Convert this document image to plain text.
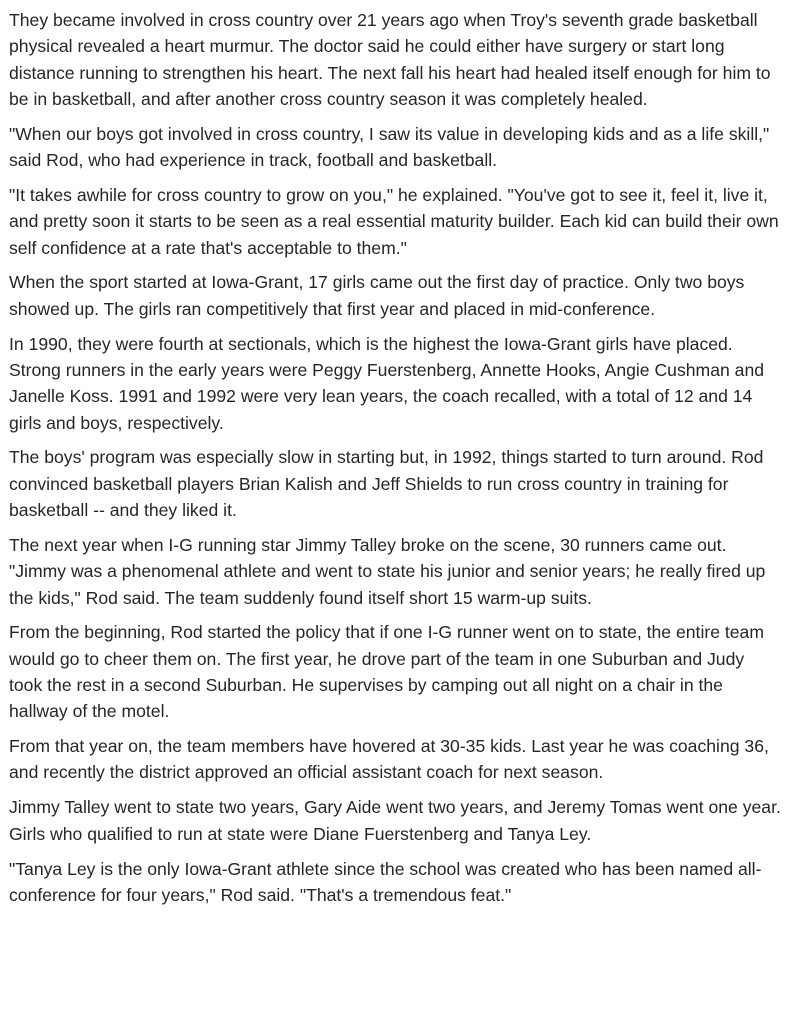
They became involved in cross country over 21 years ago when Troy's seventh grade basketball physical revealed a heart murmur. The doctor said he could either have surgery or start long distance running to strengthen his heart. The next fall his heart had healed itself enough for him to be in basketball, and after another cross country season it was completely healed.

"When our boys got involved in cross country, I saw its value in developing kids and as a life skill," said Rod, who had experience in track, football and basketball.

"It takes awhile for cross country to grow on you," he explained. "You've got to see it, feel it, live it, and pretty soon it starts to be seen as a real essential maturity builder. Each kid can build their own self confidence at a rate that's acceptable to them."

When the sport started at Iowa-Grant, 17 girls came out the first day of practice. Only two boys showed up. The girls ran competitively that first year and placed in mid-conference.

In 1990, they were fourth at sectionals, which is the highest the Iowa-Grant girls have placed. Strong runners in the early years were Peggy Fuerstenberg, Annette Hooks, Angie Cushman and Janelle Koss. 1991 and 1992 were very lean years, the coach recalled, with a total of 12 and 14 girls and boys, respectively.

The boys' program was especially slow in starting but, in 1992, things started to turn around. Rod convinced basketball players Brian Kalish and Jeff Shields to run cross country in training for basketball -- and they liked it.

The next year when I-G running star Jimmy Talley broke on the scene, 30 runners came out. "Jimmy was a phenomenal athlete and went to state his junior and senior years; he really fired up the kids," Rod said. The team suddenly found itself short 15 warm-up suits.

From the beginning, Rod started the policy that if one I-G runner went on to state, the entire team would go to cheer them on. The first year, he drove part of the team in one Suburban and Judy took the rest in a second Suburban. He supervises by camping out all night on a chair in the hallway of the motel.

From that year on, the team members have hovered at 30-35 kids. Last year he was coaching 36, and recently the district approved an official assistant coach for next season.

Jimmy Talley went to state two years, Gary Aide went two years, and Jeremy Tomas went one year. Girls who qualified to run at state were Diane Fuerstenberg and Tanya Ley.

"Tanya Ley is the only Iowa-Grant athlete since the school was created who has been named all-conference for four years," Rod said. "That's a tremendous feat."
